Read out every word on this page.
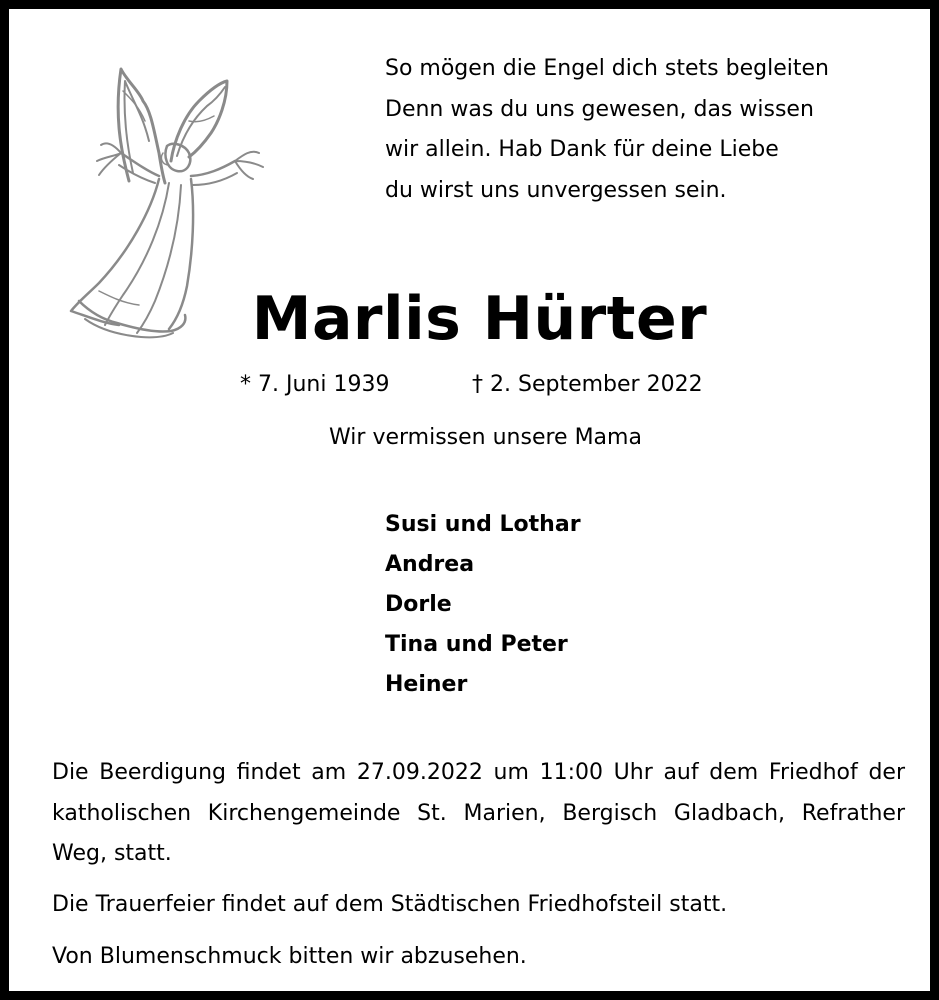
So mögen die Engel dich stets begleiten
Denn was du uns gewesen, das wissen
wir allein. Hab Dank für deine Liebe
du wirst uns unvergessen sein.
Marlis Hürter
* 7. Juni 1939	† 2. September 2022
Wir vermissen unsere Mama
Susi und Lothar
Andrea
Dorle
Tina und Peter
Heiner
Die Beerdigung findet am 27.09.2022 um 11:00 Uhr auf dem Friedhof der katholischen Kirchengemeinde St. Marien, Bergisch Gladbach, Refrather Weg, statt.
Die Trauerfeier findet auf dem Städtischen Friedhofsteil statt.
Von Blumenschmuck bitten wir abzusehen.
